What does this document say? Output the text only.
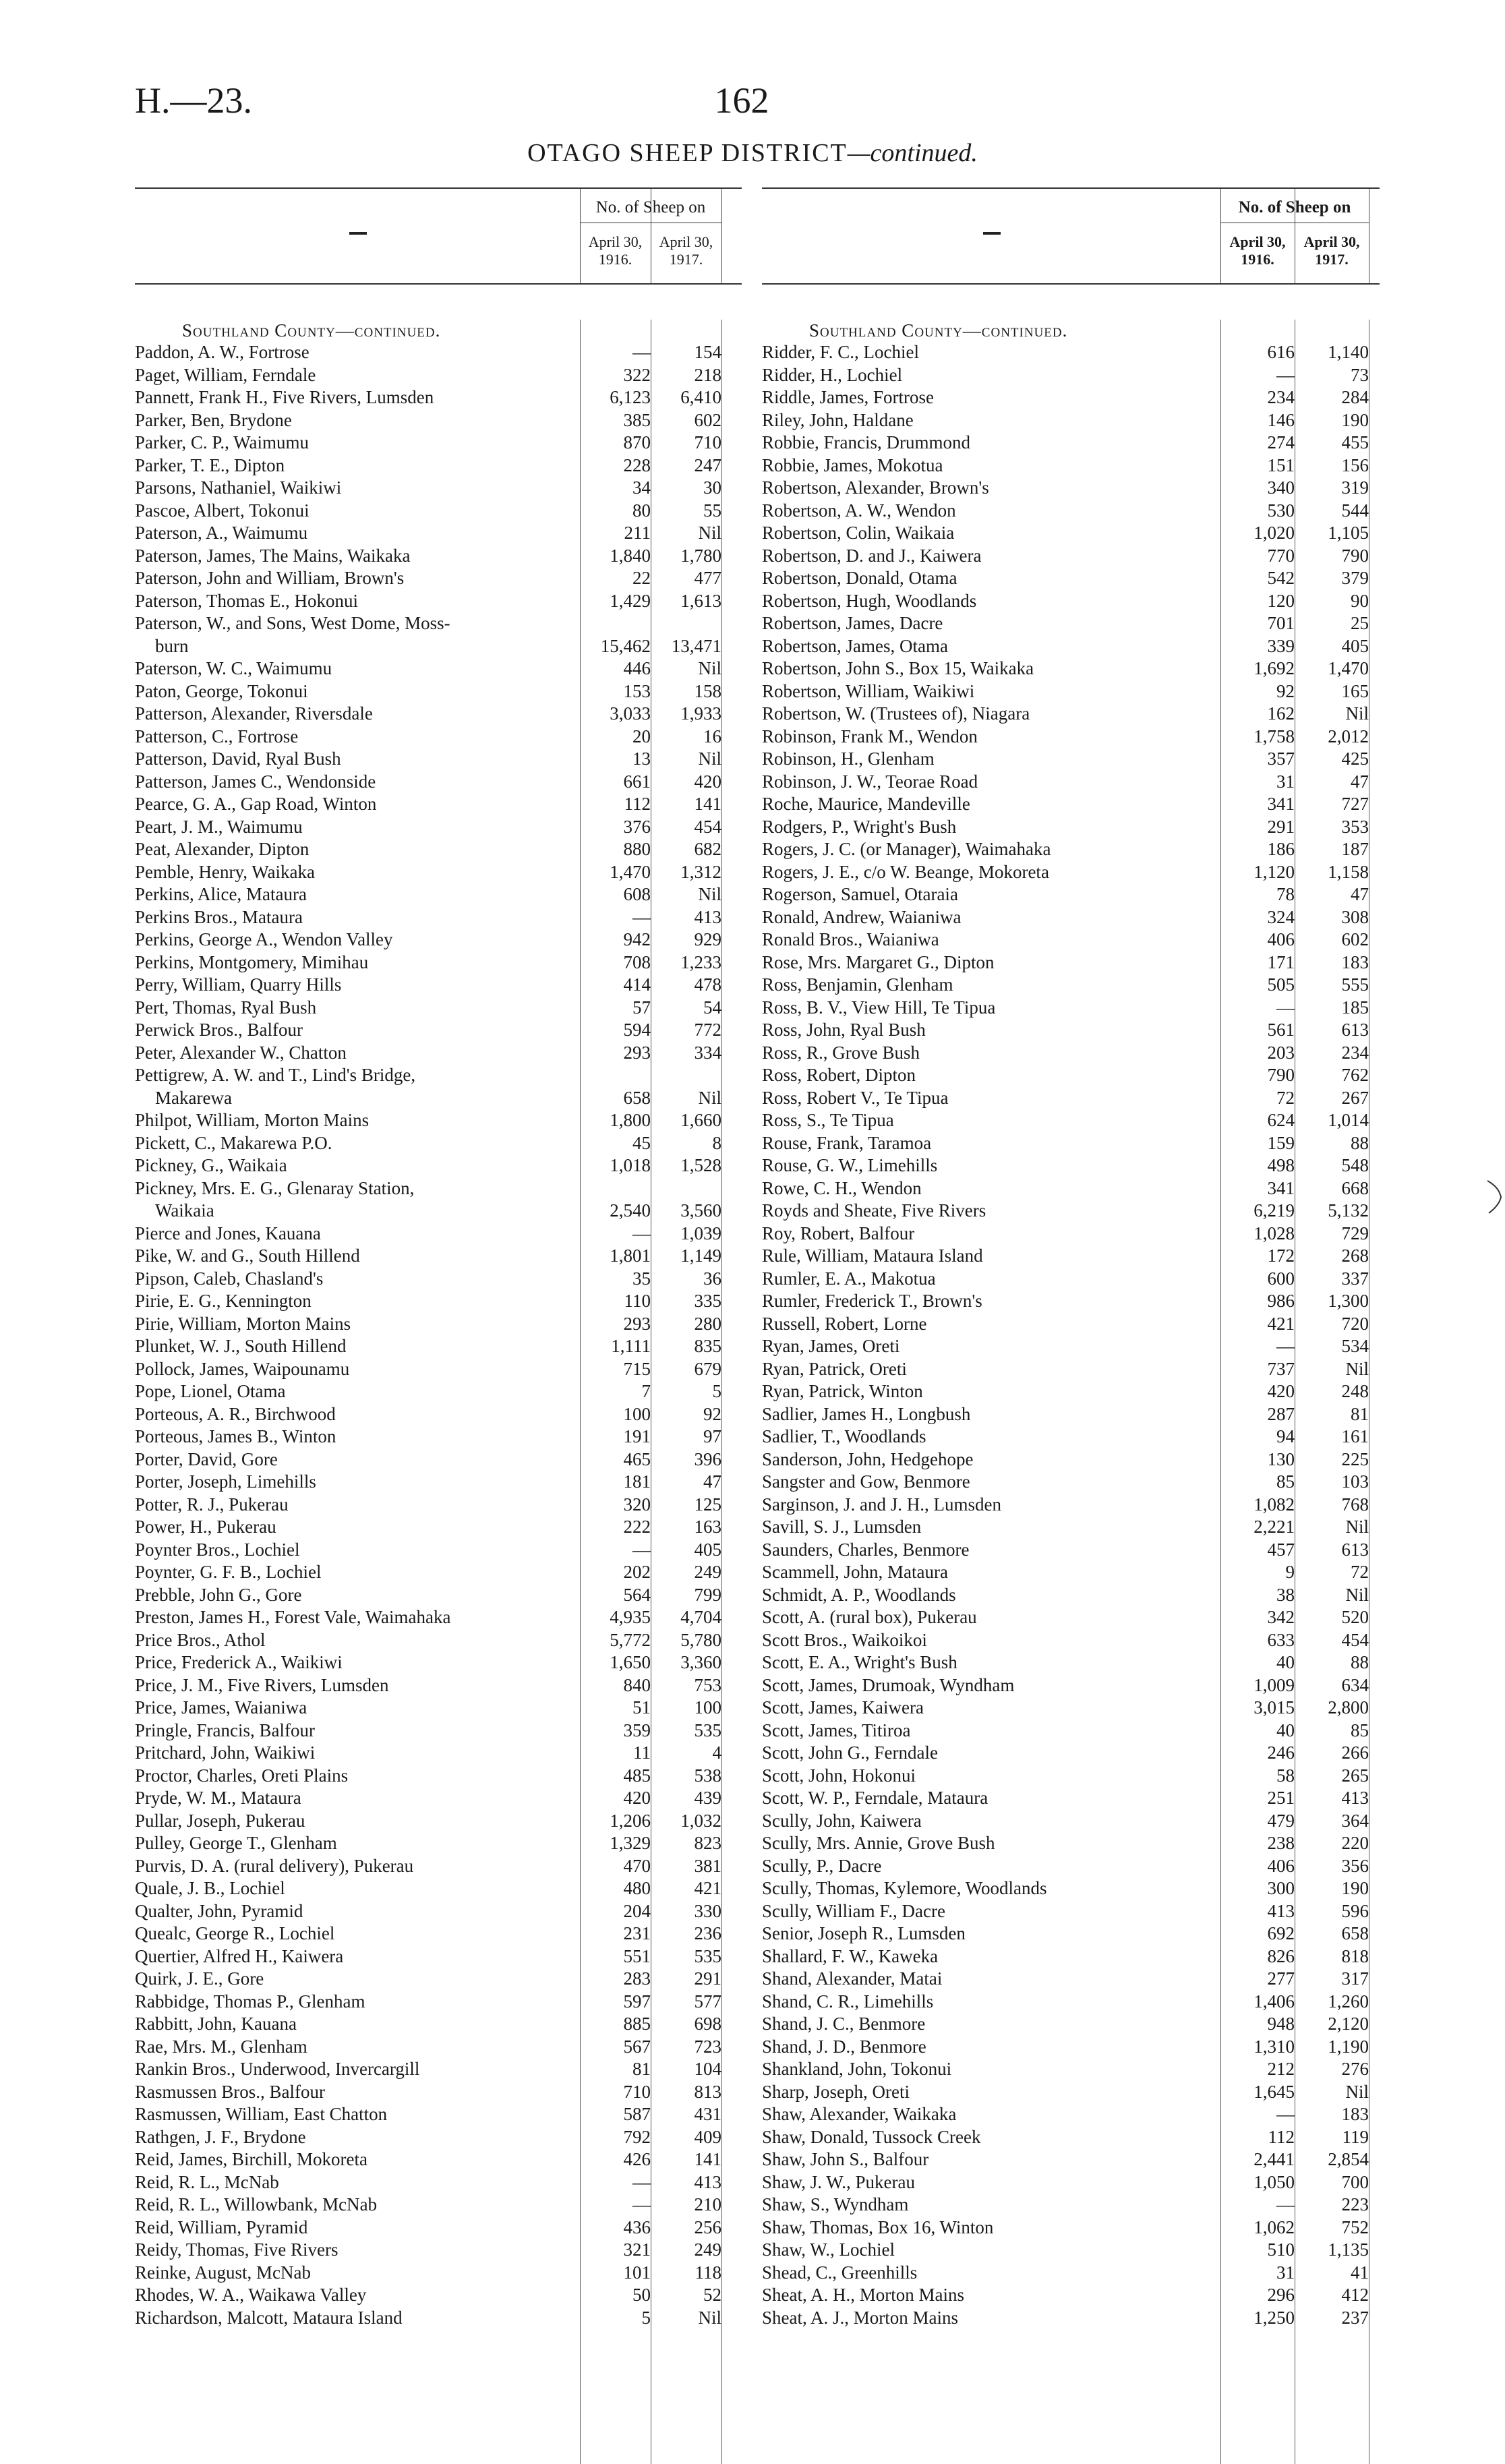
H.—23.	162
OTAGO SHEEP DISTRICT—continued.
No. of Sheep on
April 30, 1916.
April 30, 1917.
Southland County—continued.
Paddon, A. W., Fortrose	—	154
Paget, William, Ferndale	322	218
Pannett, Frank H., Five Rivers, Lumsden	6,123	6,410
Parker, Ben, Brydone	385	602
Parker, C. P., Waimumu	870	710
Parker, T. E., Dipton	228	247
Parsons, Nathaniel, Waikiwi	34	30
Pascoe, Albert, Tokonui	80	55
Paterson, A., Waimumu	211	Nil
Paterson, James, The Mains, Waikaka	1,840	1,780
Paterson, John and William, Brown's	22	477
Paterson, Thomas E., Hokonui	1,429	1,613
Paterson, W., and Sons, West Dome, Moss-
burn	15,462	13,471
Paterson, W. C., Waimumu	446	Nil
Paton, George, Tokonui	153	158
Patterson, Alexander, Riversdale	3,033	1,933
Patterson, C., Fortrose	20	16
Patterson, David, Ryal Bush	13	Nil
Patterson, James C., Wendonside	661	420
Pearce, G. A., Gap Road, Winton	112	141
Peart, J. M., Waimumu	376	454
Peat, Alexander, Dipton	880	682
Pemble, Henry, Waikaka	1,470	1,312
Perkins, Alice, Mataura	608	Nil
Perkins Bros., Mataura	—	413
Perkins, George A., Wendon Valley	942	929
Perkins, Montgomery, Mimihau	708	1,233
Perry, William, Quarry Hills	414	478
Pert, Thomas, Ryal Bush	57	54
Perwick Bros., Balfour	594	772
Peter, Alexander W., Chatton	293	334
Pettigrew, A. W. and T., Lind's Bridge,
Makarewa	658	Nil
Philpot, William, Morton Mains	1,800	1,660
Pickett, C., Makarewa P.O.	45	8
Pickney, G., Waikaia	1,018	1,528
Pickney, Mrs. E. G., Glenaray Station,
Waikaia	2,540	3,560
Pierce and Jones, Kauana	—	1,039
Pike, W. and G., South Hillend	1,801	1,149
Pipson, Caleb, Chasland's	35	36
Pirie, E. G., Kennington	110	335
Pirie, William, Morton Mains	293	280
Plunket, W. J., South Hillend	1,111	835
Pollock, James, Waipounamu	715	679
Pope, Lionel, Otama	7	5
Porteous, A. R., Birchwood	100	92
Porteous, James B., Winton	191	97
Porter, David, Gore	465	396
Porter, Joseph, Limehills	181	47
Potter, R. J., Pukerau	320	125
Power, H., Pukerau	222	163
Poynter Bros., Lochiel	—	405
Poynter, G. F. B., Lochiel	202	249
Prebble, John G., Gore	564	799
Preston, James H., Forest Vale, Waimahaka	4,935	4,704
Price Bros., Athol	5,772	5,780
Price, Frederick A., Waikiwi	1,650	3,360
Price, J. M., Five Rivers, Lumsden	840	753
Price, James, Waianiwa	51	100
Pringle, Francis, Balfour	359	535
Pritchard, John, Waikiwi	11	4
Proctor, Charles, Oreti Plains	485	538
Pryde, W. M., Mataura	420	439
Pullar, Joseph, Pukerau	1,206	1,032
Pulley, George T., Glenham	1,329	823
Purvis, D. A. (rural delivery), Pukerau	470	381
Quale, J. B., Lochiel	480	421
Qualter, John, Pyramid	204	330
Quealc, George R., Lochiel	231	236
Quertier, Alfred H., Kaiwera	551	535
Quirk, J. E., Gore	283	291
Rabbidge, Thomas P., Glenham	597	577
Rabbitt, John, Kauana	885	698
Rae, Mrs. M., Glenham	567	723
Rankin Bros., Underwood, Invercargill	81	104
Rasmussen Bros., Balfour	710	813
Rasmussen, William, East Chatton	587	431
Rathgen, J. F., Brydone	792	409
Reid, James, Birchill, Mokoreta	426	141
Reid, R. L., McNab	—	413
Reid, R. L., Willowbank, McNab	—	210
Reid, William, Pyramid	436	256
Reidy, Thomas, Five Rivers	321	249
Reinke, August, McNab	101	118
Rhodes, W. A., Waikawa Valley	50	52
Richardson, Malcott, Mataura Island	5	Nil
No. of Sheep on
April 30, 1916.
April 30, 1917.
Southland County—continued.
Ridder, F. C., Lochiel	616	1,140
Ridder, H., Lochiel	—	73
Riddle, James, Fortrose	234	284
Riley, John, Haldane	146	190
Robbie, Francis, Drummond	274	455
Robbie, James, Mokotua	151	156
Robertson, Alexander, Brown's	340	319
Robertson, A. W., Wendon	530	544
Robertson, Colin, Waikaia	1,020	1,105
Robertson, D. and J., Kaiwera	770	790
Robertson, Donald, Otama	542	379
Robertson, Hugh, Woodlands	120	90
Robertson, James, Dacre	701	25
Robertson, James, Otama	339	405
Robertson, John S., Box 15, Waikaka	1,692	1,470
Robertson, William, Waikiwi	92	165
Robertson, W. (Trustees of), Niagara	162	Nil
Robinson, Frank M., Wendon	1,758	2,012
Robinson, H., Glenham	357	425
Robinson, J. W., Teorae Road	31	47
Roche, Maurice, Mandeville	341	727
Rodgers, P., Wright's Bush	291	353
Rogers, J. C. (or Manager), Waimahaka	186	187
Rogers, J. E., c/o W. Beange, Mokoreta	1,120	1,158
Rogerson, Samuel, Otaraia	78	47
Ronald, Andrew, Waianiwa	324	308
Ronald Bros., Waianiwa	406	602
Rose, Mrs. Margaret G., Dipton	171	183
Ross, Benjamin, Glenham	505	555
Ross, B. V., View Hill, Te Tipua	—	185
Ross, John, Ryal Bush	561	613
Ross, R., Grove Bush	203	234
Ross, Robert, Dipton	790	762
Ross, Robert V., Te Tipua	72	267
Ross, S., Te Tipua	624	1,014
Rouse, Frank, Taramoa	159	88
Rouse, G. W., Limehills	498	548
Rowe, C. H., Wendon	341	668
Royds and Sheate, Five Rivers	6,219	5,132
Roy, Robert, Balfour	1,028	729
Rule, William, Mataura Island	172	268
Rumler, E. A., Makotua	600	337
Rumler, Frederick T., Brown's	986	1,300
Russell, Robert, Lorne	421	720
Ryan, James, Oreti	—	534
Ryan, Patrick, Oreti	737	Nil
Ryan, Patrick, Winton	420	248
Sadlier, James H., Longbush	287	81
Sadlier, T., Woodlands	94	161
Sanderson, John, Hedgehope	130	225
Sangster and Gow, Benmore	85	103
Sarginson, J. and J. H., Lumsden	1,082	768
Savill, S. J., Lumsden	2,221	Nil
Saunders, Charles, Benmore	457	613
Scammell, John, Mataura	9	72
Schmidt, A. P., Woodlands	38	Nil
Scott, A. (rural box), Pukerau	342	520
Scott Bros., Waikoikoi	633	454
Scott, E. A., Wright's Bush	40	88
Scott, James, Drumoak, Wyndham	1,009	634
Scott, James, Kaiwera	3,015	2,800
Scott, James, Titiroa	40	85
Scott, John G., Ferndale	246	266
Scott, John, Hokonui	58	265
Scott, W. P., Ferndale, Mataura	251	413
Scully, John, Kaiwera	479	364
Scully, Mrs. Annie, Grove Bush	238	220
Scully, P., Dacre	406	356
Scully, Thomas, Kylemore, Woodlands	300	190
Scully, William F., Dacre	413	596
Senior, Joseph R., Lumsden	692	658
Shallard, F. W., Kaweka	826	818
Shand, Alexander, Matai	277	317
Shand, C. R., Limehills	1,406	1,260
Shand, J. C., Benmore	948	2,120
Shand, J. D., Benmore	1,310	1,190
Shankland, John, Tokonui	212	276
Sharp, Joseph, Oreti	1,645	Nil
Shaw, Alexander, Waikaka	—	183
Shaw, Donald, Tussock Creek	112	119
Shaw, John S., Balfour	2,441	2,854
Shaw, J. W., Pukerau	1,050	700
Shaw, S., Wyndham	—	223
Shaw, Thomas, Box 16, Winton	1,062	752
Shaw, W., Lochiel	510	1,135
Shead, C., Greenhills	31	41
Sheat, A. H., Morton Mains	296	412
Sheat, A. J., Morton Mains	1,250	237
